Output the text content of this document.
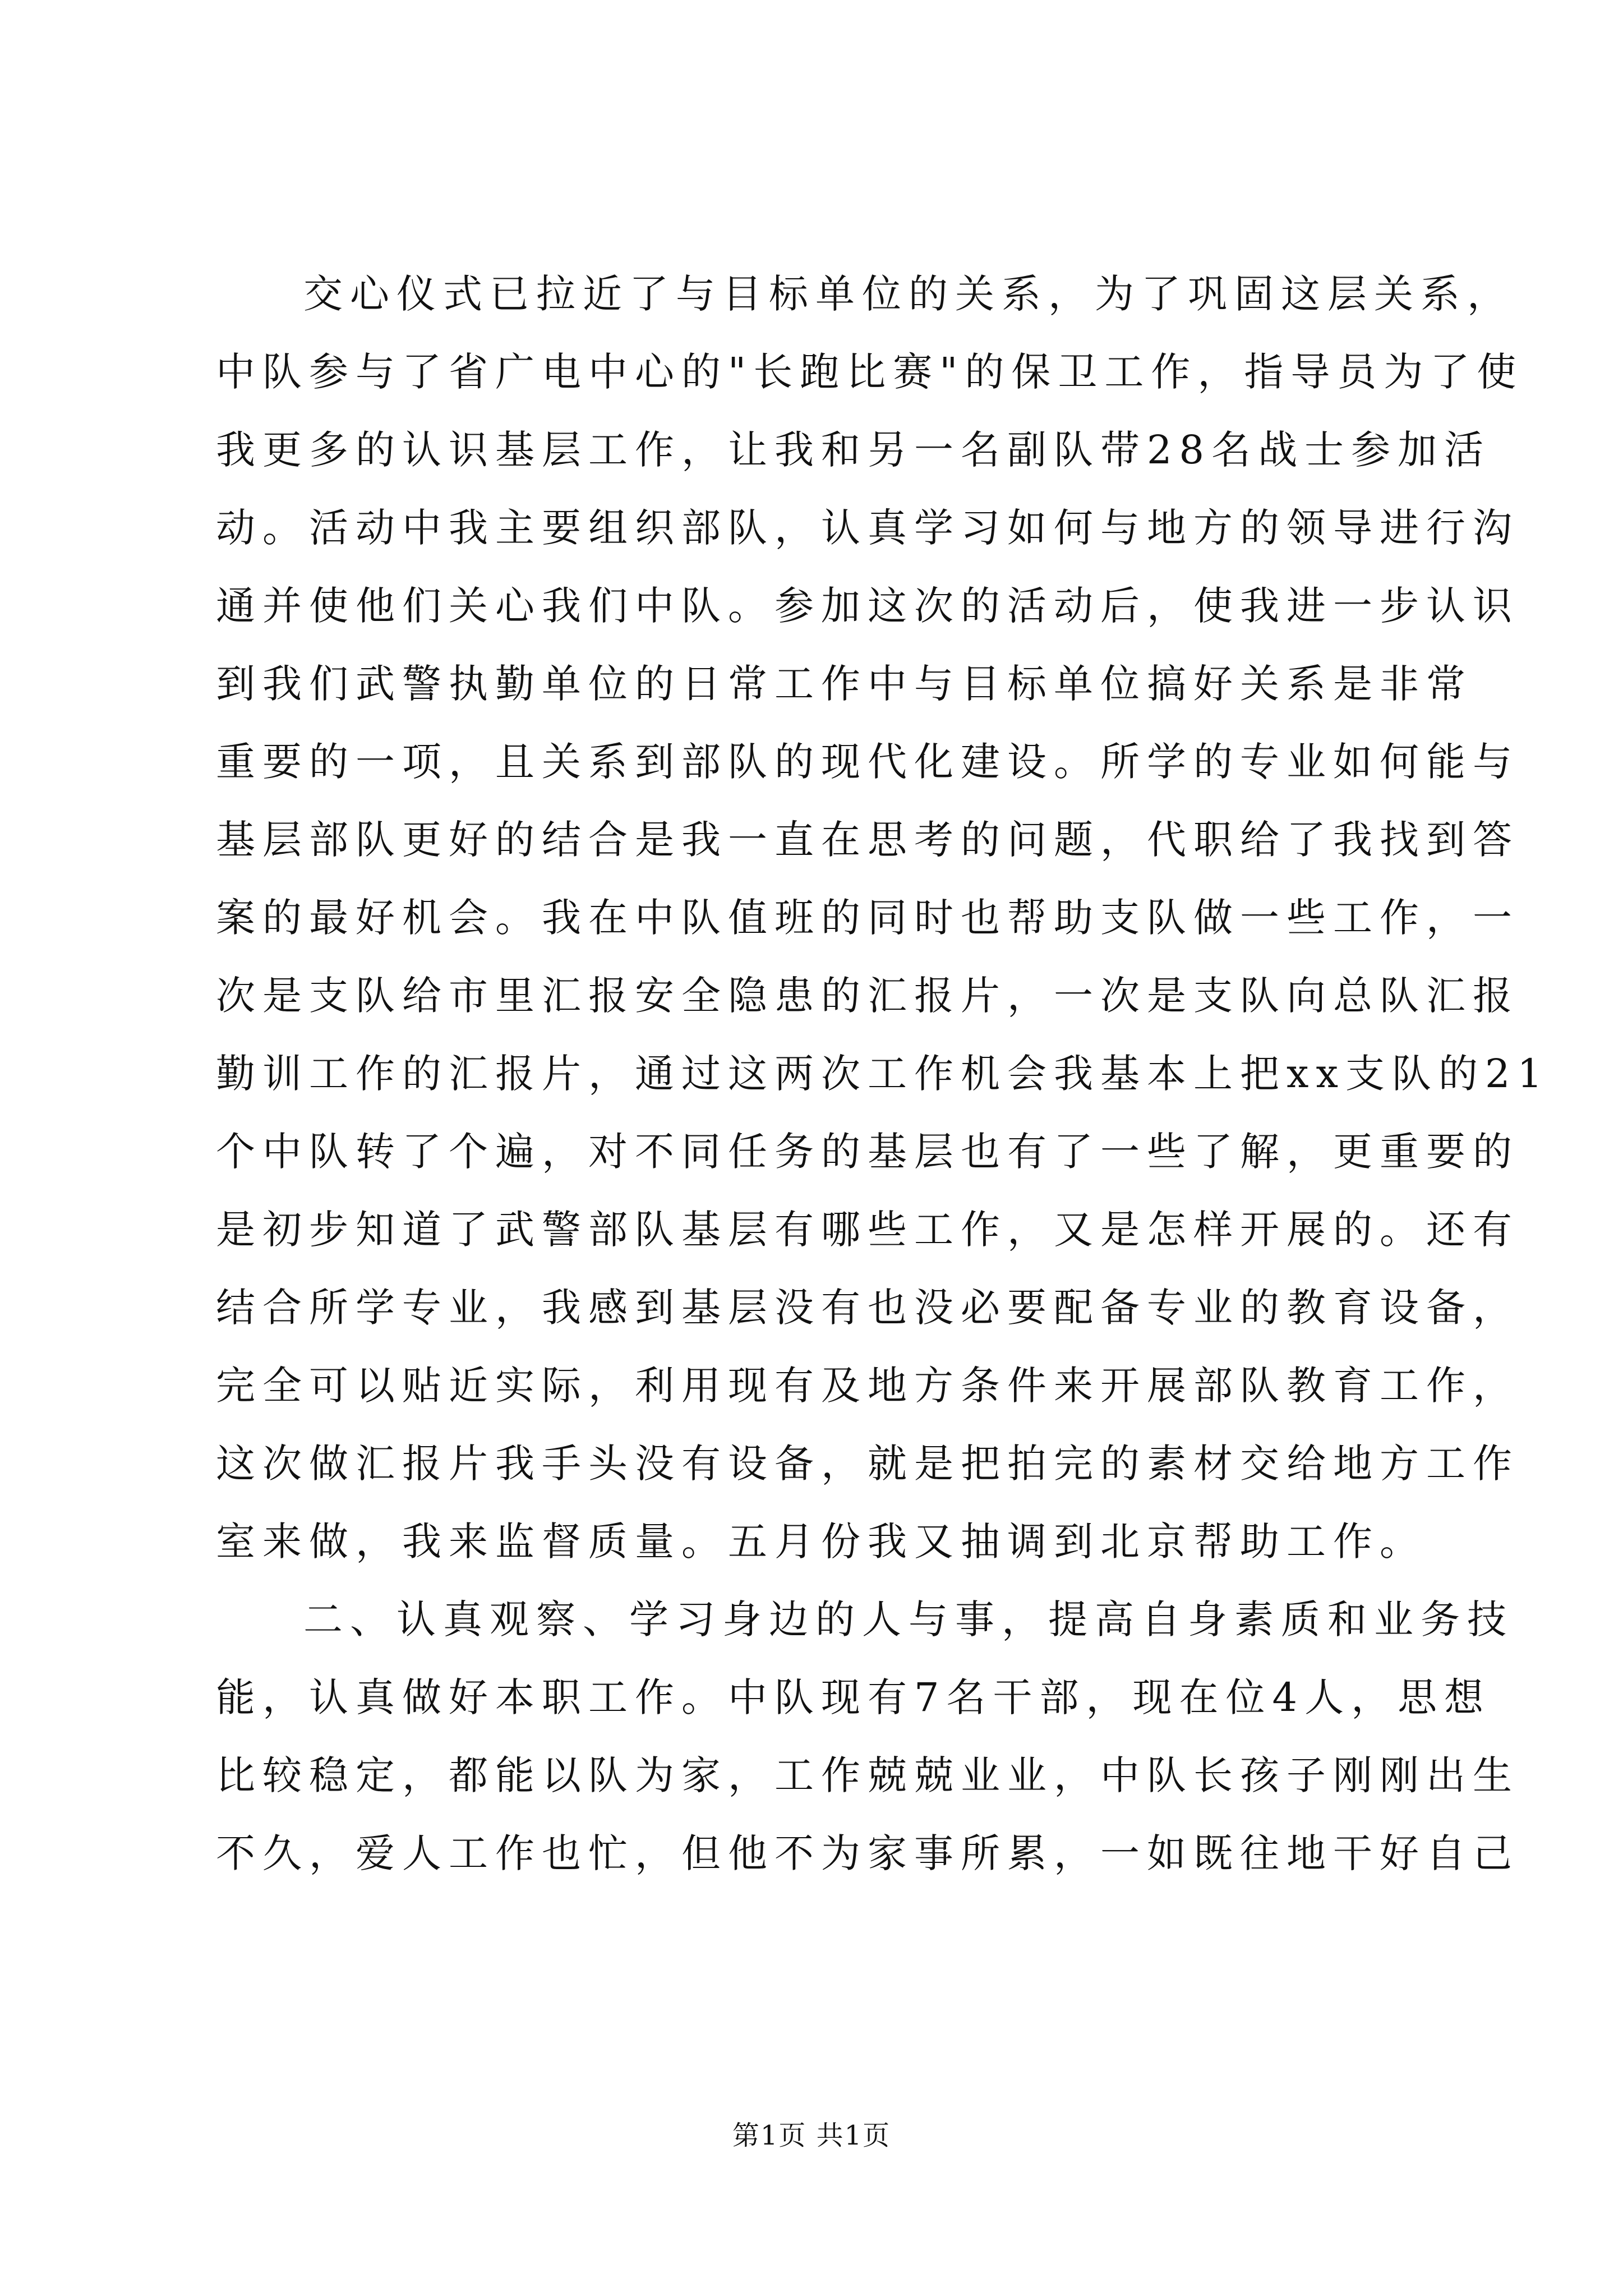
交心仪式已拉近了与目标单位的关系，为了巩固这层关系，
中队参与了省广电中心的"长跑比赛"的保卫工作，指导员为了使
我更多的认识基层工作，让我和另一名副队带28名战士参加活
动。活动中我主要组织部队，认真学习如何与地方的领导进行沟
通并使他们关心我们中队。参加这次的活动后，使我进一步认识
到我们武警执勤单位的日常工作中与目标单位搞好关系是非常
重要的一项，且关系到部队的现代化建设。所学的专业如何能与
基层部队更好的结合是我一直在思考的问题，代职给了我找到答
案的最好机会。我在中队值班的同时也帮助支队做一些工作，一
次是支队给市里汇报安全隐患的汇报片，一次是支队向总队汇报
勤训工作的汇报片，通过这两次工作机会我基本上把xx支队的21
个中队转了个遍，对不同任务的基层也有了一些了解，更重要的
是初步知道了武警部队基层有哪些工作，又是怎样开展的。还有
结合所学专业，我感到基层没有也没必要配备专业的教育设备，
完全可以贴近实际，利用现有及地方条件来开展部队教育工作，
这次做汇报片我手头没有设备，就是把拍完的素材交给地方工作
室来做，我来监督质量。五月份我又抽调到北京帮助工作。
二、认真观察、学习身边的人与事，提高自身素质和业务技
能，认真做好本职工作。中队现有7名干部，现在位4人，思想
比较稳定，都能以队为家，工作兢兢业业，中队长孩子刚刚出生
不久，爱人工作也忙，但他不为家事所累，一如既往地干好自己
第1页 共1页
